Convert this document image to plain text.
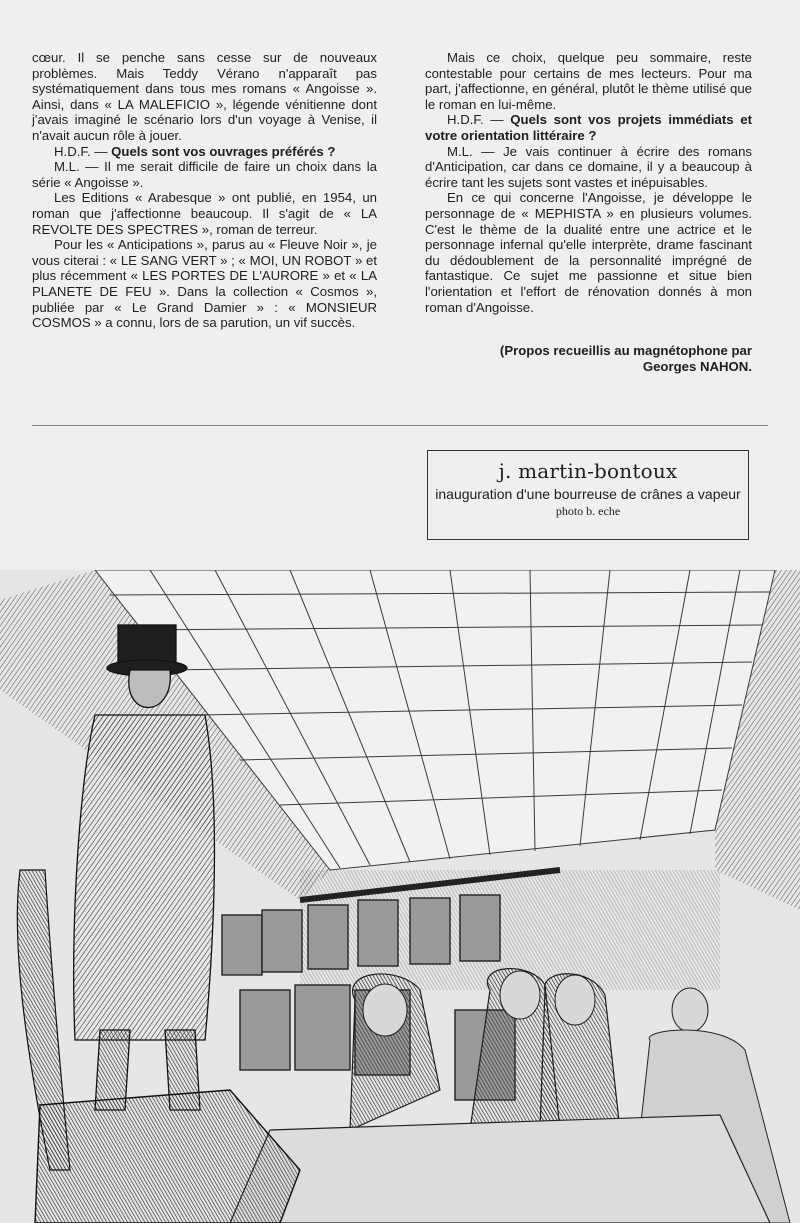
cœur. Il se penche sans cesse sur de nouveaux problèmes. Mais Teddy Vérano n'apparaît pas systématiquement dans tous mes romans « Angoisse ». Ainsi, dans « LA MALEFICIO », légende vénitienne dont j'avais imaginé le scénario lors d'un voyage à Venise, il n'avait aucun rôle à jouer.

H.D.F. — Quels sont vos ouvrages préférés ?

M.L. — Il me serait difficile de faire un choix dans la série « Angoisse ».

Les Editions « Arabesque » ont publié, en 1954, un roman que j'affectionne beaucoup. Il s'agit de « LA REVOLTE DES SPECTRES », roman de terreur.

Pour les « Anticipations », parus au « Fleuve Noir », je vous citerai : « LE SANG VERT » ; « MOI, UN ROBOT » et plus récemment « LES PORTES DE L'AURORE » et « LA PLANETE DE FEU ». Dans la collection « Cosmos », publiée par « Le Grand Damier » : « MONSIEUR COSMOS » a connu, lors de sa parution, un vif succès.

Mais ce choix, quelque peu sommaire, reste contestable pour certains de mes lecteurs. Pour ma part, j'affectionne, en général, plutôt le thème utilisé que le roman en lui-même.

H.D.F. — Quels sont vos projets immédiats et votre orientation littéraire ?

M.L. — Je vais continuer à écrire des romans d'Anticipation, car dans ce domaine, il y a beaucoup à écrire tant les sujets sont vastes et inépuisables.

En ce qui concerne l'Angoisse, je développe le personnage de « MEPHISTA » en plusieurs volumes. C'est le thème de la dualité entre une actrice et le personnage infernal qu'elle interprète, drame fascinant du dédoublement de la personnalité imprégné de fantastique. Ce sujet me passionne et situe bien l'orientation et l'effort de rénovation donnés à mon roman d'Angoisse.

(Propos recueillis au magnétophone par
Georges NAHON.
j. martin-bontoux
inauguration d'une bourreuse de crânes a vapeur
photo b. eche
